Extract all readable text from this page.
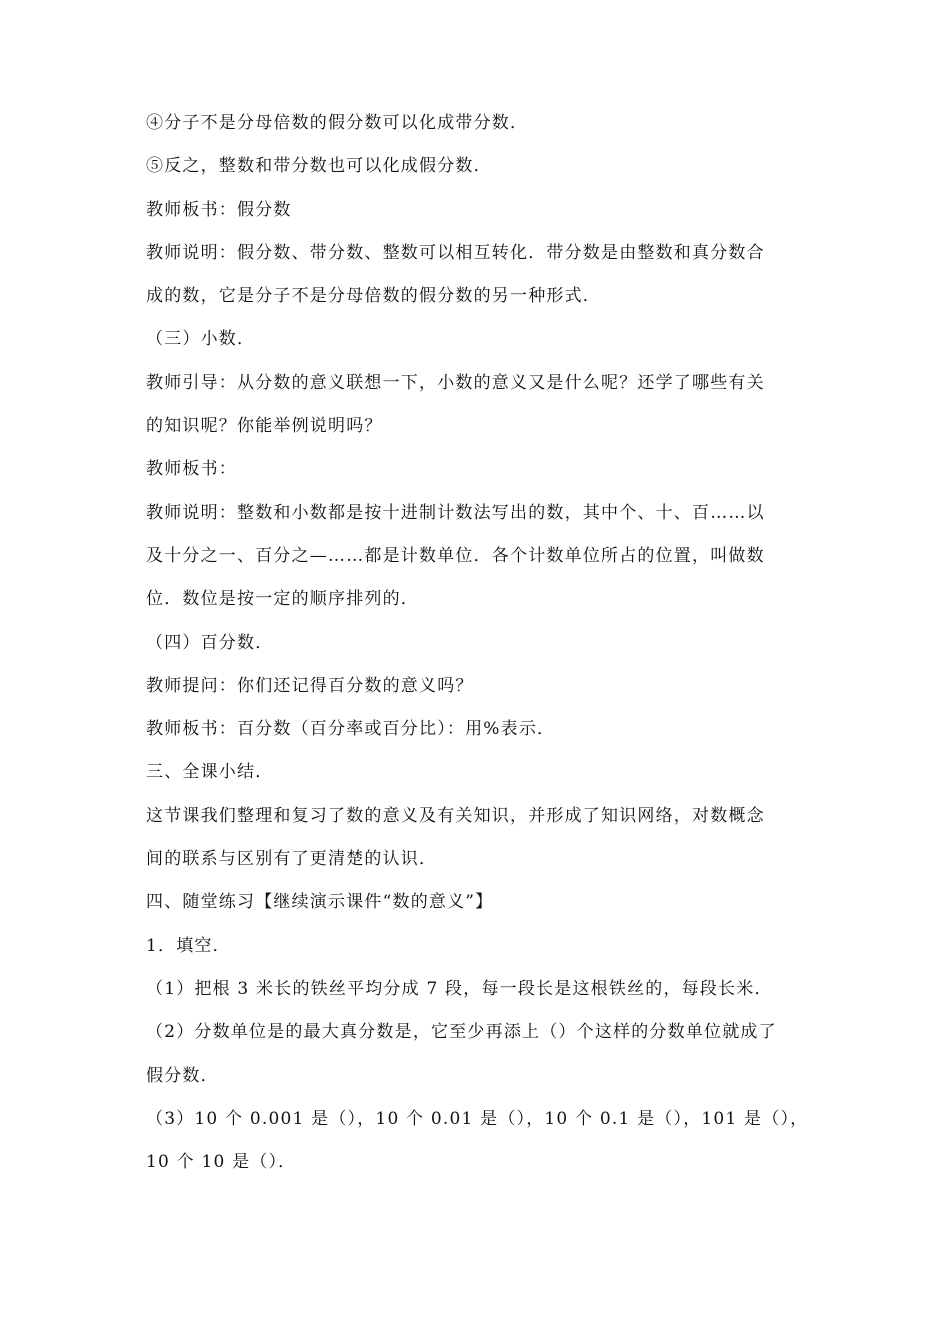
④分子不是分母倍数的假分数可以化成带分数．
⑤反之，整数和带分数也可以化成假分数．
教师板书：假分数
教师说明：假分数、带分数、整数可以相互转化．带分数是由整数和真分数合
成的数，它是分子不是分母倍数的假分数的另一种形式．
（三）小数．
教师引导：从分数的意义联想一下，小数的意义又是什么呢？还学了哪些有关
的知识呢？你能举例说明吗？
教师板书：
教师说明：整数和小数都是按十进制计数法写出的数，其中个、十、百……以
及十分之一、百分之—……都是计数单位．各个计数单位所占的位置，叫做数
位．数位是按一定的顺序排列的．
（四）百分数．
教师提问：你们还记得百分数的意义吗？
教师板书：百分数（百分率或百分比）：用%表示．
三、全课小结．
这节课我们整理和复习了数的意义及有关知识，并形成了知识网络，对数概念
间的联系与区别有了更清楚的认识．
四、随堂练习【继续演示课件“数的意义”】
1．填空．
（1）把根 3 米长的铁丝平均分成 7 段，每一段长是这根铁丝的，每段长米．
（2）分数单位是的最大真分数是，它至少再添上（）个这样的分数单位就成了
假分数．
（3）10 个 0.001 是（），10 个 0.01 是（），10 个 0.1 是（），101 是（），
10 个 10 是（）．
